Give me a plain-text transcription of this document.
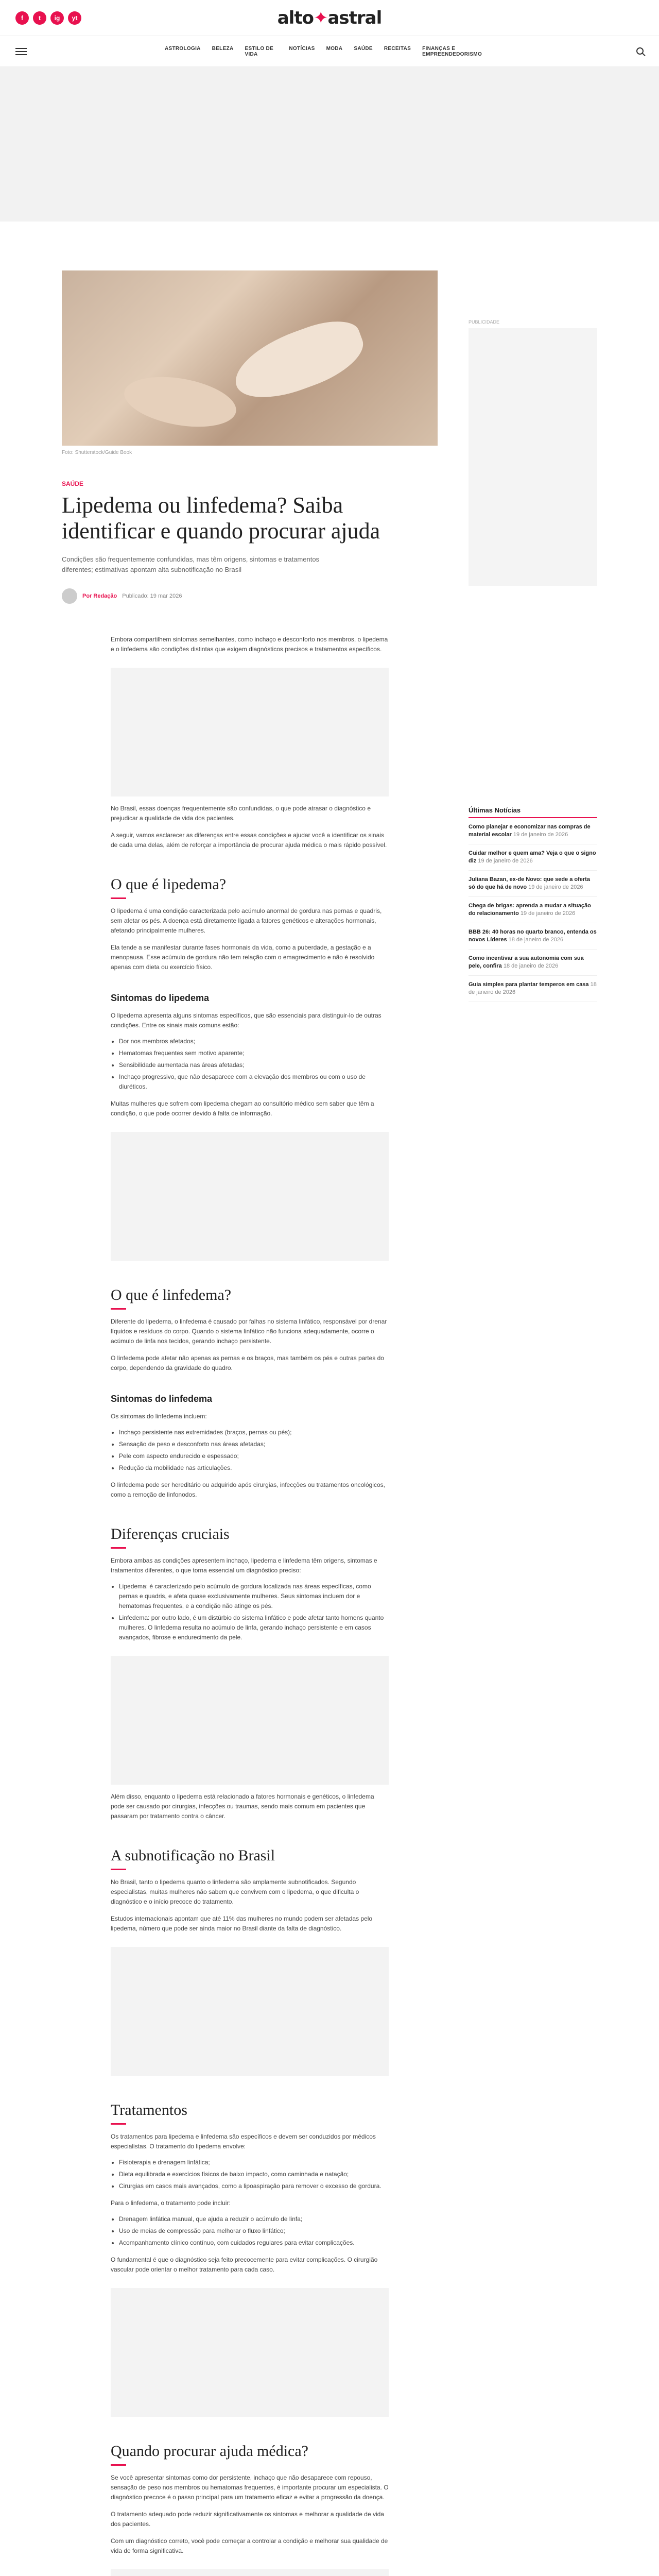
f	t	ig	yt	alto✦astral
ASTROLOGIA BELEZA ESTILO DE VIDA
NOTÍCIAS MODA SAÚDE RECEITAS FINANÇAS E EMPREENDEDORISMO
PUBLICIDADE
Foto: Shutterstock/Guide Book
SAÚDE
Lipedema ou linfedema? Saiba identificar e quando procurar ajuda
Condições são frequentemente confundidas, mas têm origens, sintomas e tratamentos diferentes; estimativas apontam alta subnotificação no Brasil
Por Redação Publicado: 19 mar 2026
Últimas Notícias
Como planejar e economizar nas compras de material escolar 19 de janeiro de 2026
Cuidar melhor e quem ama? Veja o que o signo diz 19 de janeiro de 2026
Juliana Bazan, ex-de Novo: que sede a oferta só do que há de novo 19 de janeiro de 2026
Chega de brigas: aprenda a mudar a situação do relacionamento 19 de janeiro de 2026
BBB 26: 40 horas no quarto branco, entenda os novos Líderes 18 de janeiro de 2026
Como incentivar a sua autonomia com sua pele, confira 18 de janeiro de 2026
Guia simples para plantar temperos em casa 18 de janeiro de 2026

Embora compartilhem sintomas semelhantes, como inchaço e desconforto nos membros, o lipedema e o linfedema são condições distintas que exigem diagnósticos precisos e tratamentos específicos.

No Brasil, essas doenças frequentemente são confundidas, o que pode atrasar o diagnóstico e prejudicar a qualidade de vida dos pacientes.

A seguir, vamos esclarecer as diferenças entre essas condições e ajudar você a identificar os sinais de cada uma delas, além de reforçar a importância de procurar ajuda médica o mais rápido possível.

O que é lipedema?

O lipedema é uma condição caracterizada pelo acúmulo anormal de gordura nas pernas e quadris, sem afetar os pés. A doença está diretamente ligada a fatores genéticos e alterações hormonais, afetando principalmente mulheres.

Ela tende a se manifestar durante fases hormonais da vida, como a puberdade, a gestação e a menopausa. Esse acúmulo de gordura não tem relação com o emagrecimento e não é resolvido apenas com dieta ou exercício físico.

Sintomas do lipedema

O lipedema apresenta alguns sintomas específicos, que são essenciais para distinguir-lo de outras condições. Entre os sinais mais comuns estão:

• Dor nos membros afetados;
• Hematomas frequentes sem motivo aparente;
• Sensibilidade aumentada nas áreas afetadas;
• Inchaço progressivo, que não desaparece com a elevação dos membros ou com o uso de diuréticos.

Muitas mulheres que sofrem com lipedema chegam ao consultório médico sem saber que têm a condição, o que pode ocorrer devido à falta de informação.

O que é linfedema?

Diferente do lipedema, o linfedema é causado por falhas no sistema linfático, responsável por drenar líquidos e resíduos do corpo. Quando o sistema linfático não funciona adequadamente, ocorre o acúmulo de linfa nos tecidos, gerando inchaço persistente.

O linfedema pode afetar não apenas as pernas e os braços, mas também os pés e outras partes do corpo, dependendo da gravidade do quadro.

Sintomas do linfedema

Os sintomas do linfedema incluem:

• Inchaço persistente nas extremidades (braços, pernas ou pés);
• Sensação de peso e desconforto nas áreas afetadas;
• Pele com aspecto endurecido e espessado;
• Redução da mobilidade nas articulações.

O linfedema pode ser hereditário ou adquirido após cirurgias, infecções ou tratamentos oncológicos, como a remoção de linfonodos.

Diferenças cruciais

Embora ambas as condições apresentem inchaço, lipedema e linfedema têm origens, sintomas e tratamentos diferentes, o que torna essencial um diagnóstico preciso:

• Lipedema: é caracterizado pelo acúmulo de gordura localizada nas áreas específicas, como pernas e quadris, e afeta quase exclusivamente mulheres. Seus sintomas incluem dor e hematomas frequentes, e a condição não atinge os pés.
• Linfedema: por outro lado, é um distúrbio do sistema linfático e pode afetar tanto homens quanto mulheres. O linfedema resulta no acúmulo de linfa, gerando inchaço persistente e em casos avançados, fibrose e endurecimento da pele.

Além disso, enquanto o lipedema está relacionado a fatores hormonais e genéticos, o linfedema pode ser causado por cirurgias, infecções ou traumas, sendo mais comum em pacientes que passaram por tratamento contra o câncer.

A subnotificação no Brasil

No Brasil, tanto o lipedema quanto o linfedema são amplamente subnotificados. Segundo especialistas, muitas mulheres não sabem que convivem com o lipedema, o que dificulta o diagnóstico e o início precoce do tratamento.

Estudos internacionais apontam que até 11% das mulheres no mundo podem ser afetadas pelo lipedema, número que pode ser ainda maior no Brasil diante da falta de diagnóstico.

Tratamentos

Os tratamentos para lipedema e linfedema são específicos e devem ser conduzidos por médicos especialistas. O tratamento do lipedema envolve:

• Fisioterapia e drenagem linfática;
• Dieta equilibrada e exercícios físicos de baixo impacto, como caminhada e natação;
• Cirurgias em casos mais avançados, como a lipoaspiração para remover o excesso de gordura.

Para o linfedema, o tratamento pode incluir:

• Drenagem linfática manual, que ajuda a reduzir o acúmulo de linfa;
• Uso de meias de compressão para melhorar o fluxo linfático;
• Acompanhamento clínico contínuo, com cuidados regulares para evitar complicações.

O fundamental é que o diagnóstico seja feito precocemente para evitar complicações. O cirurgião vascular pode orientar o melhor tratamento para cada caso.

Quando procurar ajuda médica?

Se você apresentar sintomas como dor persistente, inchaço que não desaparece com repouso, sensação de peso nos membros ou hematomas frequentes, é importante procurar um especialista. O diagnóstico precoce é o passo principal para um tratamento eficaz e evitar a progressão da doença.

O tratamento adequado pode reduzir significativamente os sintomas e melhorar a qualidade de vida dos pacientes.

Com um diagnóstico correto, você pode começar a controlar a condição e melhorar sua qualidade de vida de forma significativa.
